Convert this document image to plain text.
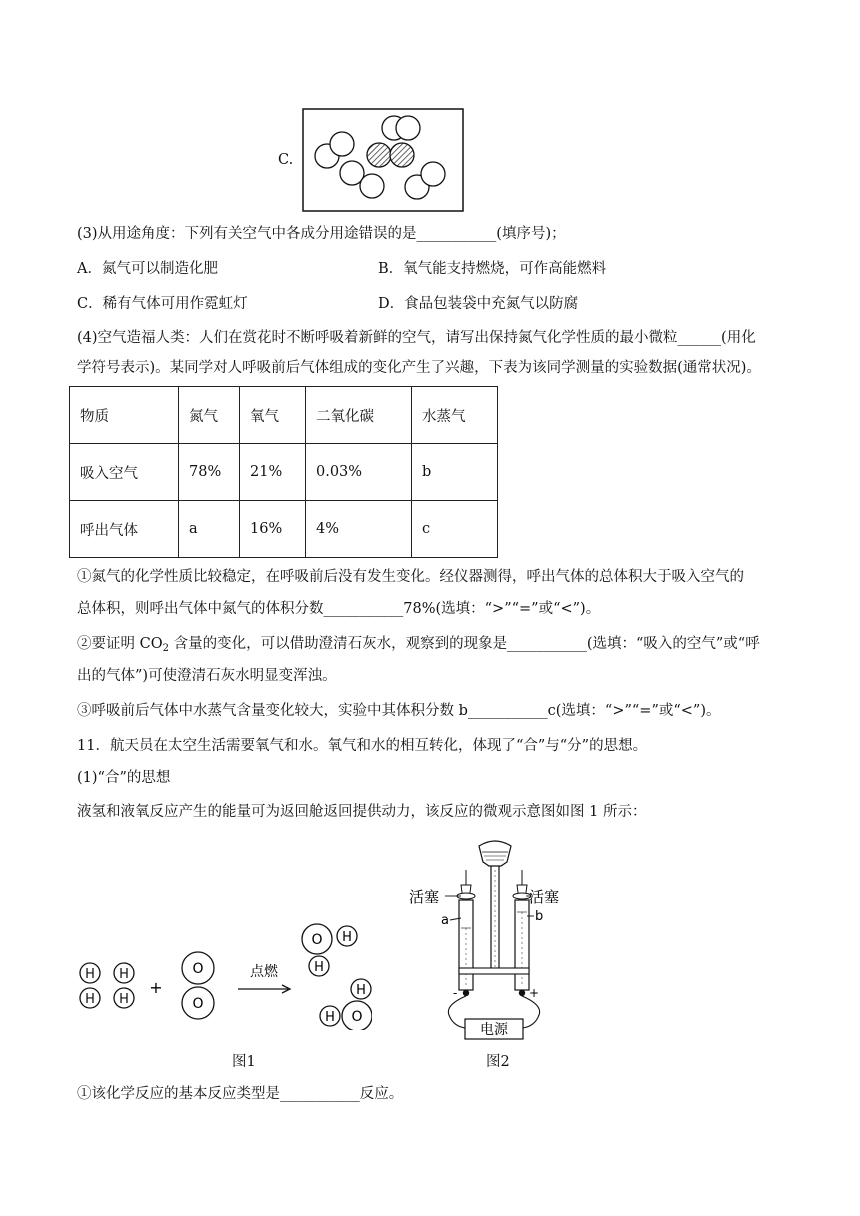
C.
(3)从用途角度：下列有关空气中各成分用途错误的是___________(填序号)；
A．氮气可以制造化肥	B．氧气能支持燃烧，可作高能燃料
C．稀有气体可用作霓虹灯	D．食品包装袋中充氮气以防腐
(4)空气造福人类：人们在赏花时不断呼吸着新鲜的空气，请写出保持氮气化学性质的最小微粒______(用化
学符号表示)。某同学对人呼吸前后气体组成的变化产生了兴趣，下表为该同学测量的实验数据(通常状况)。
物质	氮气	氧气	二氧化碳	水蒸气
吸入空气	78%	21%	0.03%	b
呼出气体	a	16%	4%	c
①氮气的化学性质比较稳定，在呼吸前后没有发生变化。经仪器测得，呼出气体的总体积大于吸入空气的
总体积，则呼出气体中氮气的体积分数___________78%(选填：“>”“=”或“<”)。
②要证明 $CO_2$ 含量的变化，可以借助澄清石灰水，观察到的现象是___________(选填：“吸入的空气”或“呼
出的气体”)可使澄清石灰水明显变浑浊。
③呼吸前后气体中水蒸气含量变化较大，实验中其体积分数 b___________c(选填：“>”“=”或“<”)。
11．航天员在太空生活需要氧气和水。氧气和水的相互转化，体现了“合”与“分”的思想。
(1)“合”的思想
液氢和液氧反应产生的能量可为返回舱返回提供动力，该反应的微观示意图如图 1 所示：
H
H
H
H
+
O
O
点燃
O H
H
H
O
H
图1
-	+
活塞	活塞
a	b
电源
图2
①该化学反应的基本反应类型是___________反应。
